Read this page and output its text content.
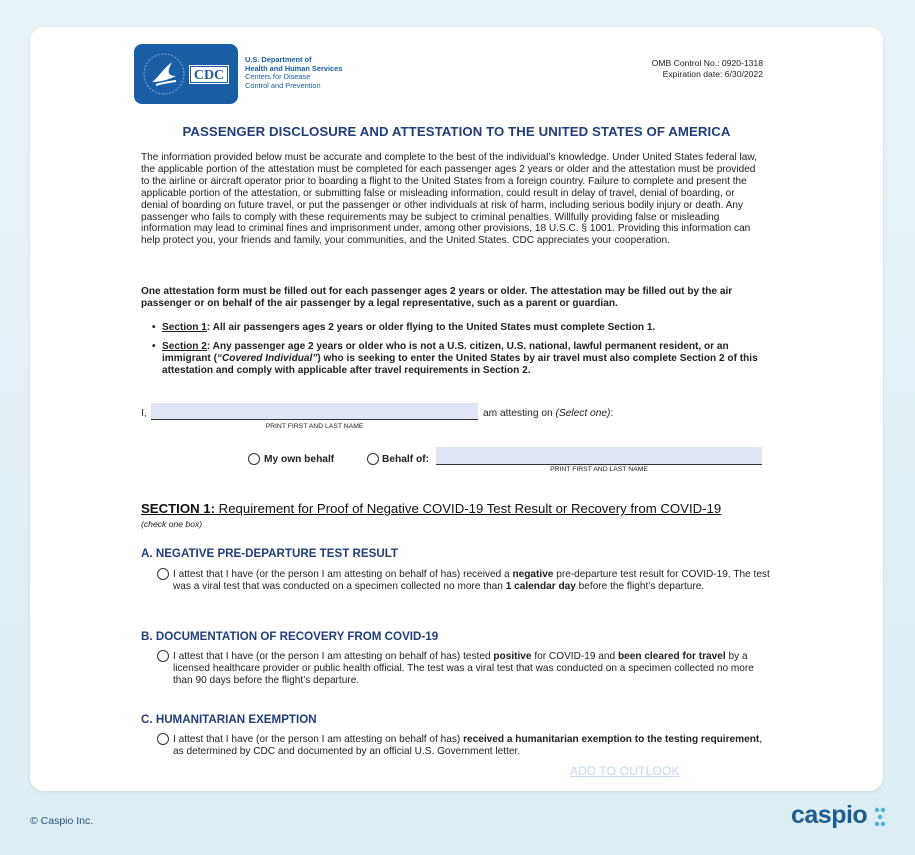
CDC
U.S. Department of
Health and Human Services
Centers for Disease
Control and Prevention
OMB Control No.: 0920-1318
Expiration date: 6/30/2022
PASSENGER DISCLOSURE AND ATTESTATION TO THE UNITED STATES OF AMERICA
The information provided below must be accurate and complete to the best of the individual’s knowledge. Under United States federal law, the applicable portion of the attestation must be completed for each passenger ages 2 years or older and the attestation must be provided to the airline or aircraft operator prior to boarding a flight to the United States from a foreign country. Failure to complete and present the applicable portion of the attestation, or submitting false or misleading information, could result in delay of travel, denial of boarding, or denial of boarding on future travel, or put the passenger or other individuals at risk of harm, including serious bodily injury or death. Any passenger who fails to comply with these requirements may be subject to criminal penalties. Willfully providing false or misleading information may lead to criminal fines and imprisonment under, among other provisions, 18 U.S.C. § 1001. Providing this information can help protect you, your friends and family, your communities, and the United States. CDC appreciates your cooperation.
One attestation form must be filled out for each passenger ages 2 years or older. The attestation may be filled out by the air passenger or on behalf of the air passenger by a legal representative, such as a parent or guardian.
• Section 1: All air passengers ages 2 years or older flying to the United States must complete Section 1.
• Section 2: Any passenger age 2 years or older who is not a U.S. citizen, U.S. national, lawful permanent resident, or an immigrant (“Covered Individual”) who is seeking to enter the United States by air travel must also complete Section 2 of this attestation and comply with applicable after travel requirements in Section 2.
I,
PRINT FIRST AND LAST NAME
am attesting on (Select one):
My own behalf	Behalf of:
PRINT FIRST AND LAST NAME
SECTION 1: Requirement for Proof of Negative COVID-19 Test Result or Recovery from COVID-19
(check one box)
A. NEGATIVE PRE-DEPARTURE TEST RESULT
I attest that I have (or the person I am attesting on behalf of has) received a negative pre-departure test result for COVID-19. The test was a viral test that was conducted on a specimen collected no more than 1 calendar day before the flight’s departure.
B. DOCUMENTATION OF RECOVERY FROM COVID-19
I attest that I have (or the person I am attesting on behalf of has) tested positive for COVID-19 and been cleared for travel by a licensed healthcare provider or public health official. The test was a viral test that was conducted on a specimen collected no more than 90 days before the flight’s departure.
C. HUMANITARIAN EXEMPTION
I attest that I have (or the person I am attesting on behalf of has) received a humanitarian exemption to the testing requirement, as determined by CDC and documented by an official U.S. Government letter.
ADD TO OUTLOOK
© Caspio Inc.	caspio
